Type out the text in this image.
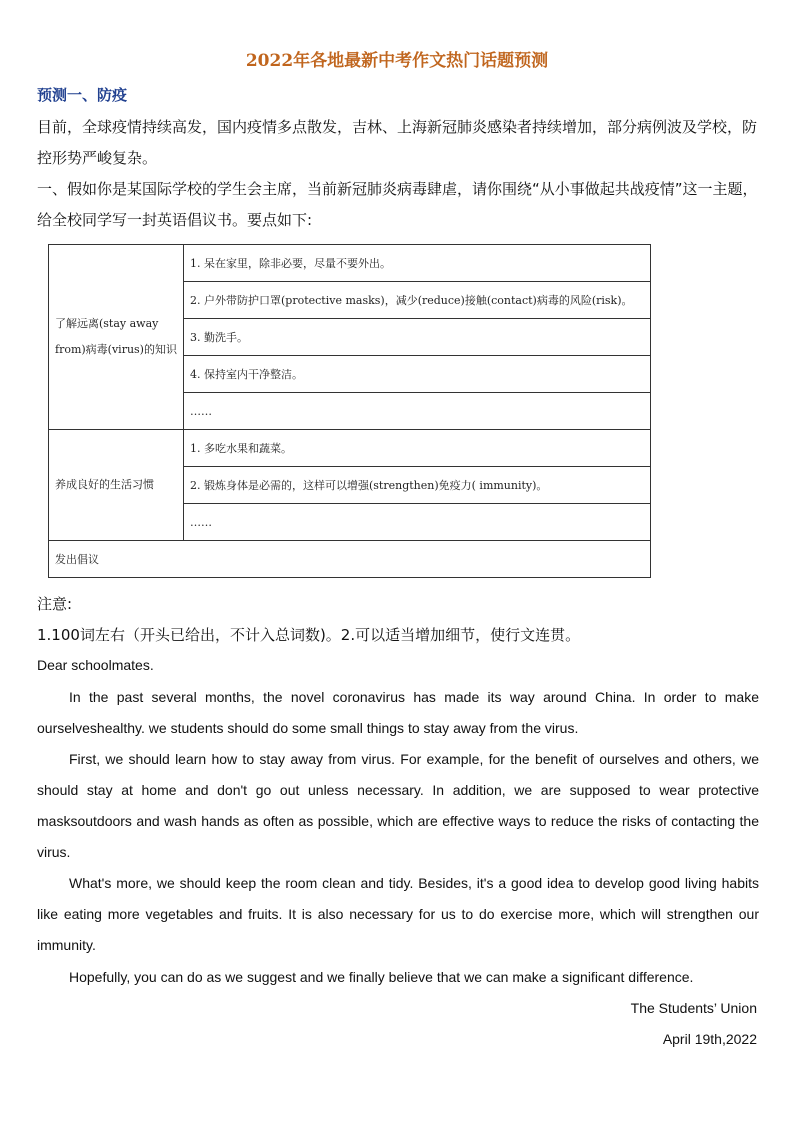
2022年各地最新中考作文热门话题预测
预测一、防疫

目前，全球疫情持续高发，国内疫情多点散发，吉林、上海新冠肺炎感染者持续增加，部分病例波及学校，防控形势严峻复杂。

一、假如你是某国际学校的学生会主席，当前新冠肺炎病毒肆虐，请你围绕“从小事做起共战疫情”这一主题，给全校同学写一封英语倡议书。要点如下:

了解远离(stay away from)病毒(virus)的知识	1. 呆在家里，除非必要，尽量不要外出。
	2. 户外带防护口罩(protective masks)，减少(reduce)接触(contact)病毒的风险(risk)。
	3. 勤洗手。
	4. 保持室内干净整洁。
	……
养成良好的生活习惯	1. 多吃水果和蔬菜。
	2. 锻炼身体是必需的，这样可以增强(strengthen)免疫力( immunity)。
	……
发出倡议	

注意:

1.100词左右（开头已给出，不计入总词数)。2.可以适当增加细节，使行文连贯。

Dear schoolmates.

In the past several months, the novel coronavirus has made its way around China. In order to make ourselveshealthy. we students should do some small things to stay away from the virus.

First, we should learn how to stay away from virus. For example, for the benefit of ourselves and others, we should stay at home and don't go out unless necessary. In addition, we are supposed to wear protective masksoutdoors and wash hands as often as possible, which are effective ways to reduce the risks of contacting the virus.

What's more, we should keep the room clean and tidy. Besides, it's a good idea to develop good living habits like eating more vegetables and fruits. It is also necessary for us to do exercise more, which will strengthen our immunity.

Hopefully, you can do as we suggest and we finally believe that we can make a significant difference.

The Students’ Union
April 19th,2022
